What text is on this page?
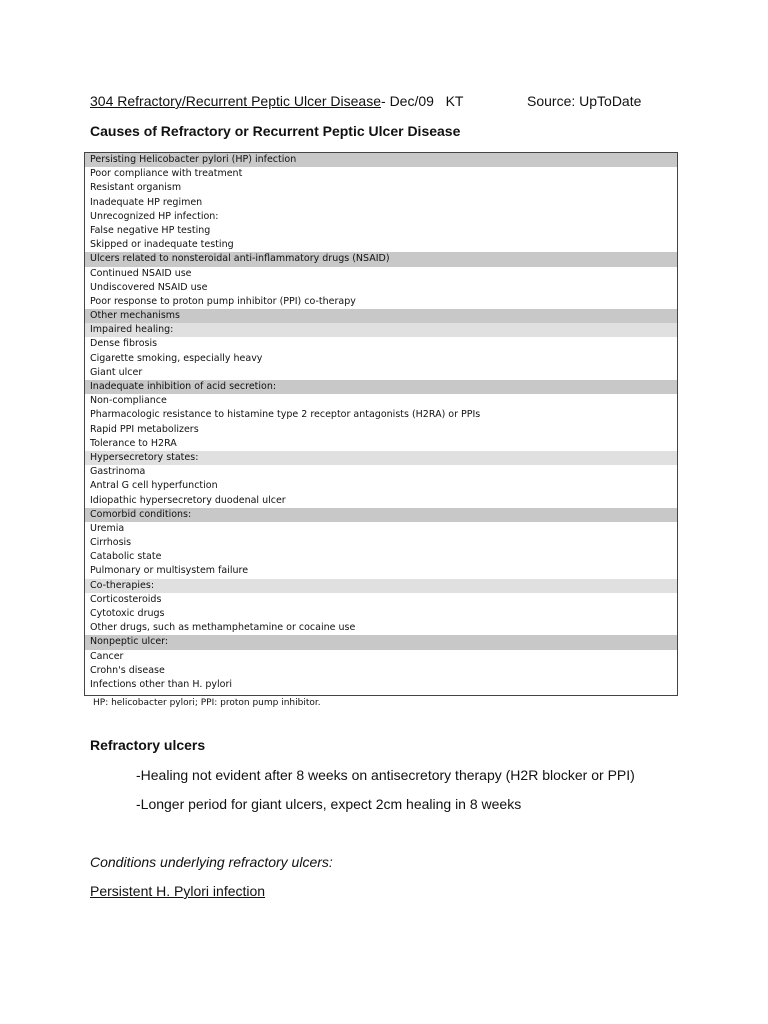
304 Refractory/Recurrent Peptic Ulcer Disease- Dec/09   KT	Source: UpToDate
Causes of Refractory or Recurrent Peptic Ulcer Disease
Persisting Helicobacter pylori (HP) infection
Poor compliance with treatment
Resistant organism
Inadequate HP regimen
Unrecognized HP infection:
False negative HP testing
Skipped or inadequate testing
Ulcers related to nonsteroidal anti-inflammatory drugs (NSAID)
Continued NSAID use
Undiscovered NSAID use
Poor response to proton pump inhibitor (PPI) co-therapy
Other mechanisms
Impaired healing:
Dense fibrosis
Cigarette smoking, especially heavy
Giant ulcer
Inadequate inhibition of acid secretion:
Non-compliance
Pharmacologic resistance to histamine type 2 receptor antagonists (H2RA) or PPIs
Rapid PPI metabolizers
Tolerance to H2RA
Hypersecretory states:
Gastrinoma
Antral G cell hyperfunction
Idiopathic hypersecretory duodenal ulcer
Comorbid conditions:
Uremia
Cirrhosis
Catabolic state
Pulmonary or multisystem failure
Co-therapies:
Corticosteroids
Cytotoxic drugs
Other drugs, such as methamphetamine or cocaine use
Nonpeptic ulcer:
Cancer
Crohn's disease
Infections other than H. pylori
HP: helicobacter pylori; PPI: proton pump inhibitor.
Refractory ulcers
-Healing not evident after 8 weeks on antisecretory therapy (H2R blocker or PPI)
-Longer period for giant ulcers, expect 2cm healing in 8 weeks
Conditions underlying refractory ulcers:
Persistent H. Pylori infection
